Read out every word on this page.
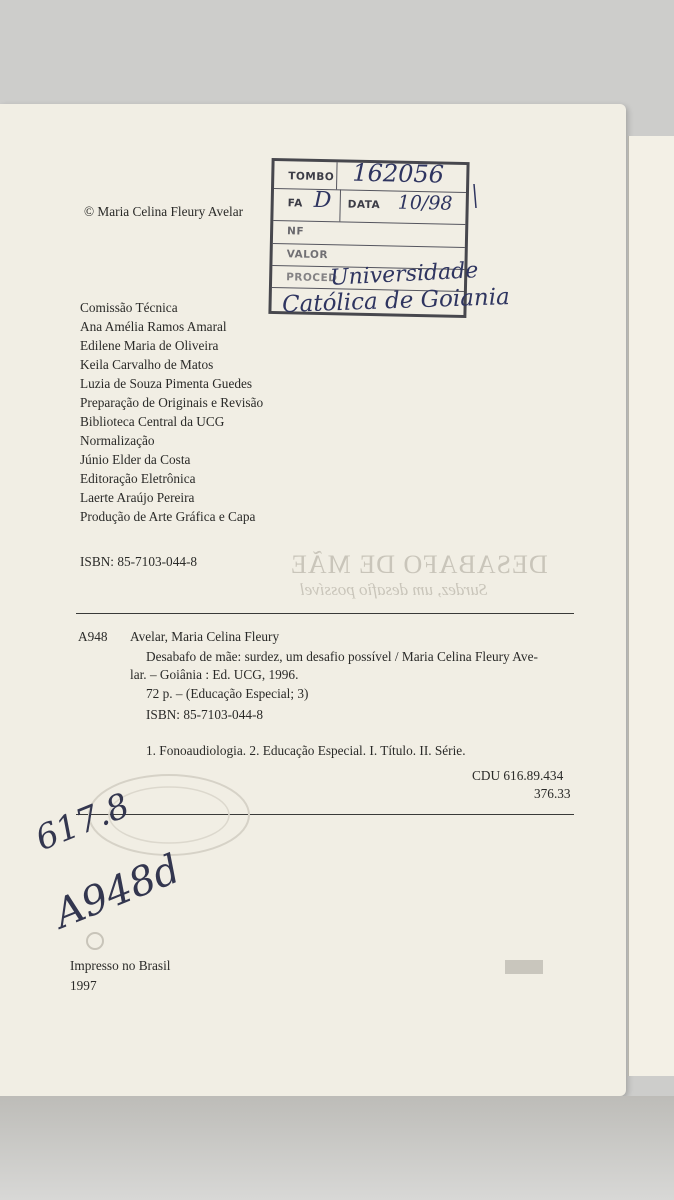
© Maria Celina Fleury Avelar
TOMBO 162056
FA D DATA 10/98
NF
VALOR
PROCED
Universidade
Católica de Goiania
Comissão Técnica
Ana Amélia Ramos Amaral
Edilene Maria de Oliveira
Keila Carvalho de Matos
Luzia de Souza Pimenta Guedes
Preparação de Originais e Revisão
Biblioteca Central da UCG
Normalização
Júnio Elder da Costa
Editoração Eletrônica
Laerte Araújo Pereira
Produção de Arte Gráfica e Capa
DESABAFO DE MÃE
Surdez, um desafio possível
ISBN: 85-7103-044-8
A948 Avelar, Maria Celina Fleury
Desabafo de mãe: surdez, um desafio possível / Maria Celina Fleury Ave-
lar. – Goiânia : Ed. UCG, 1996.
72 p. – (Educação Especial; 3)
ISBN: 85-7103-044-8
1. Fonoaudiologia. 2. Educação Especial. I. Título. II. Série.
CDU 616.89.434
376.33
617.8
A948d
Impresso no Brasil
1997
